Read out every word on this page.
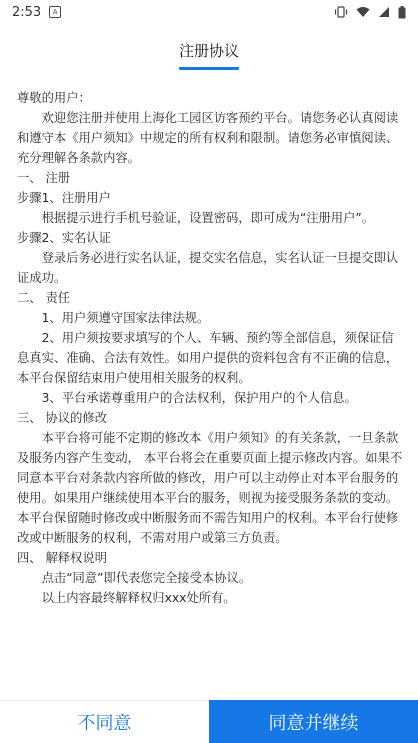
2:53	A
注册协议

尊敬的用户：

欢迎您注册并使用上海化工园区访客预约平台。请您务必认真阅读和遵守本《用户须知》中规定的所有权利和限制。请您务必审慎阅读、充分理解各条款内容。

一、 注册

步骤1、注册用户

根据提示进行手机号验证，设置密码，即可成为“注册用户”。

步骤2、实名认证

登录后务必进行实名认证，提交实名信息，实名认证一旦提交即认证成功。

二、 责任

1、用户须遵守国家法律法规。

2、用户须按要求填写的个人、车辆、预约等全部信息，须保证信息真实、准确、合法有效性。如用户提供的资料包含有不正确的信息，本平台保留结束用户使用相关服务的权利。

3、平台承诺尊重用户的合法权利，保护用户的个人信息。

三、 协议的修改

本平台将可能不定期的修改本《用户须知》的有关条款，一旦条款及服务内容产生变动， 本平台将会在重要页面上提示修改内容。如果不同意本平台对条款内容所做的修改，用户可以主动停止对本平台服务的使用。如果用户继续使用本平台的服务，则视为接受服务条款的变动。本平台保留随时修改或中断服务而不需告知用户的权利。本平台行使修改或中断服务的权利，不需对用户或第三方负责。

四、 解释权说明

点击“同意”即代表您完全接受本协议。

以上内容最终解释权归xxx处所有。

不同意	同意并继续
